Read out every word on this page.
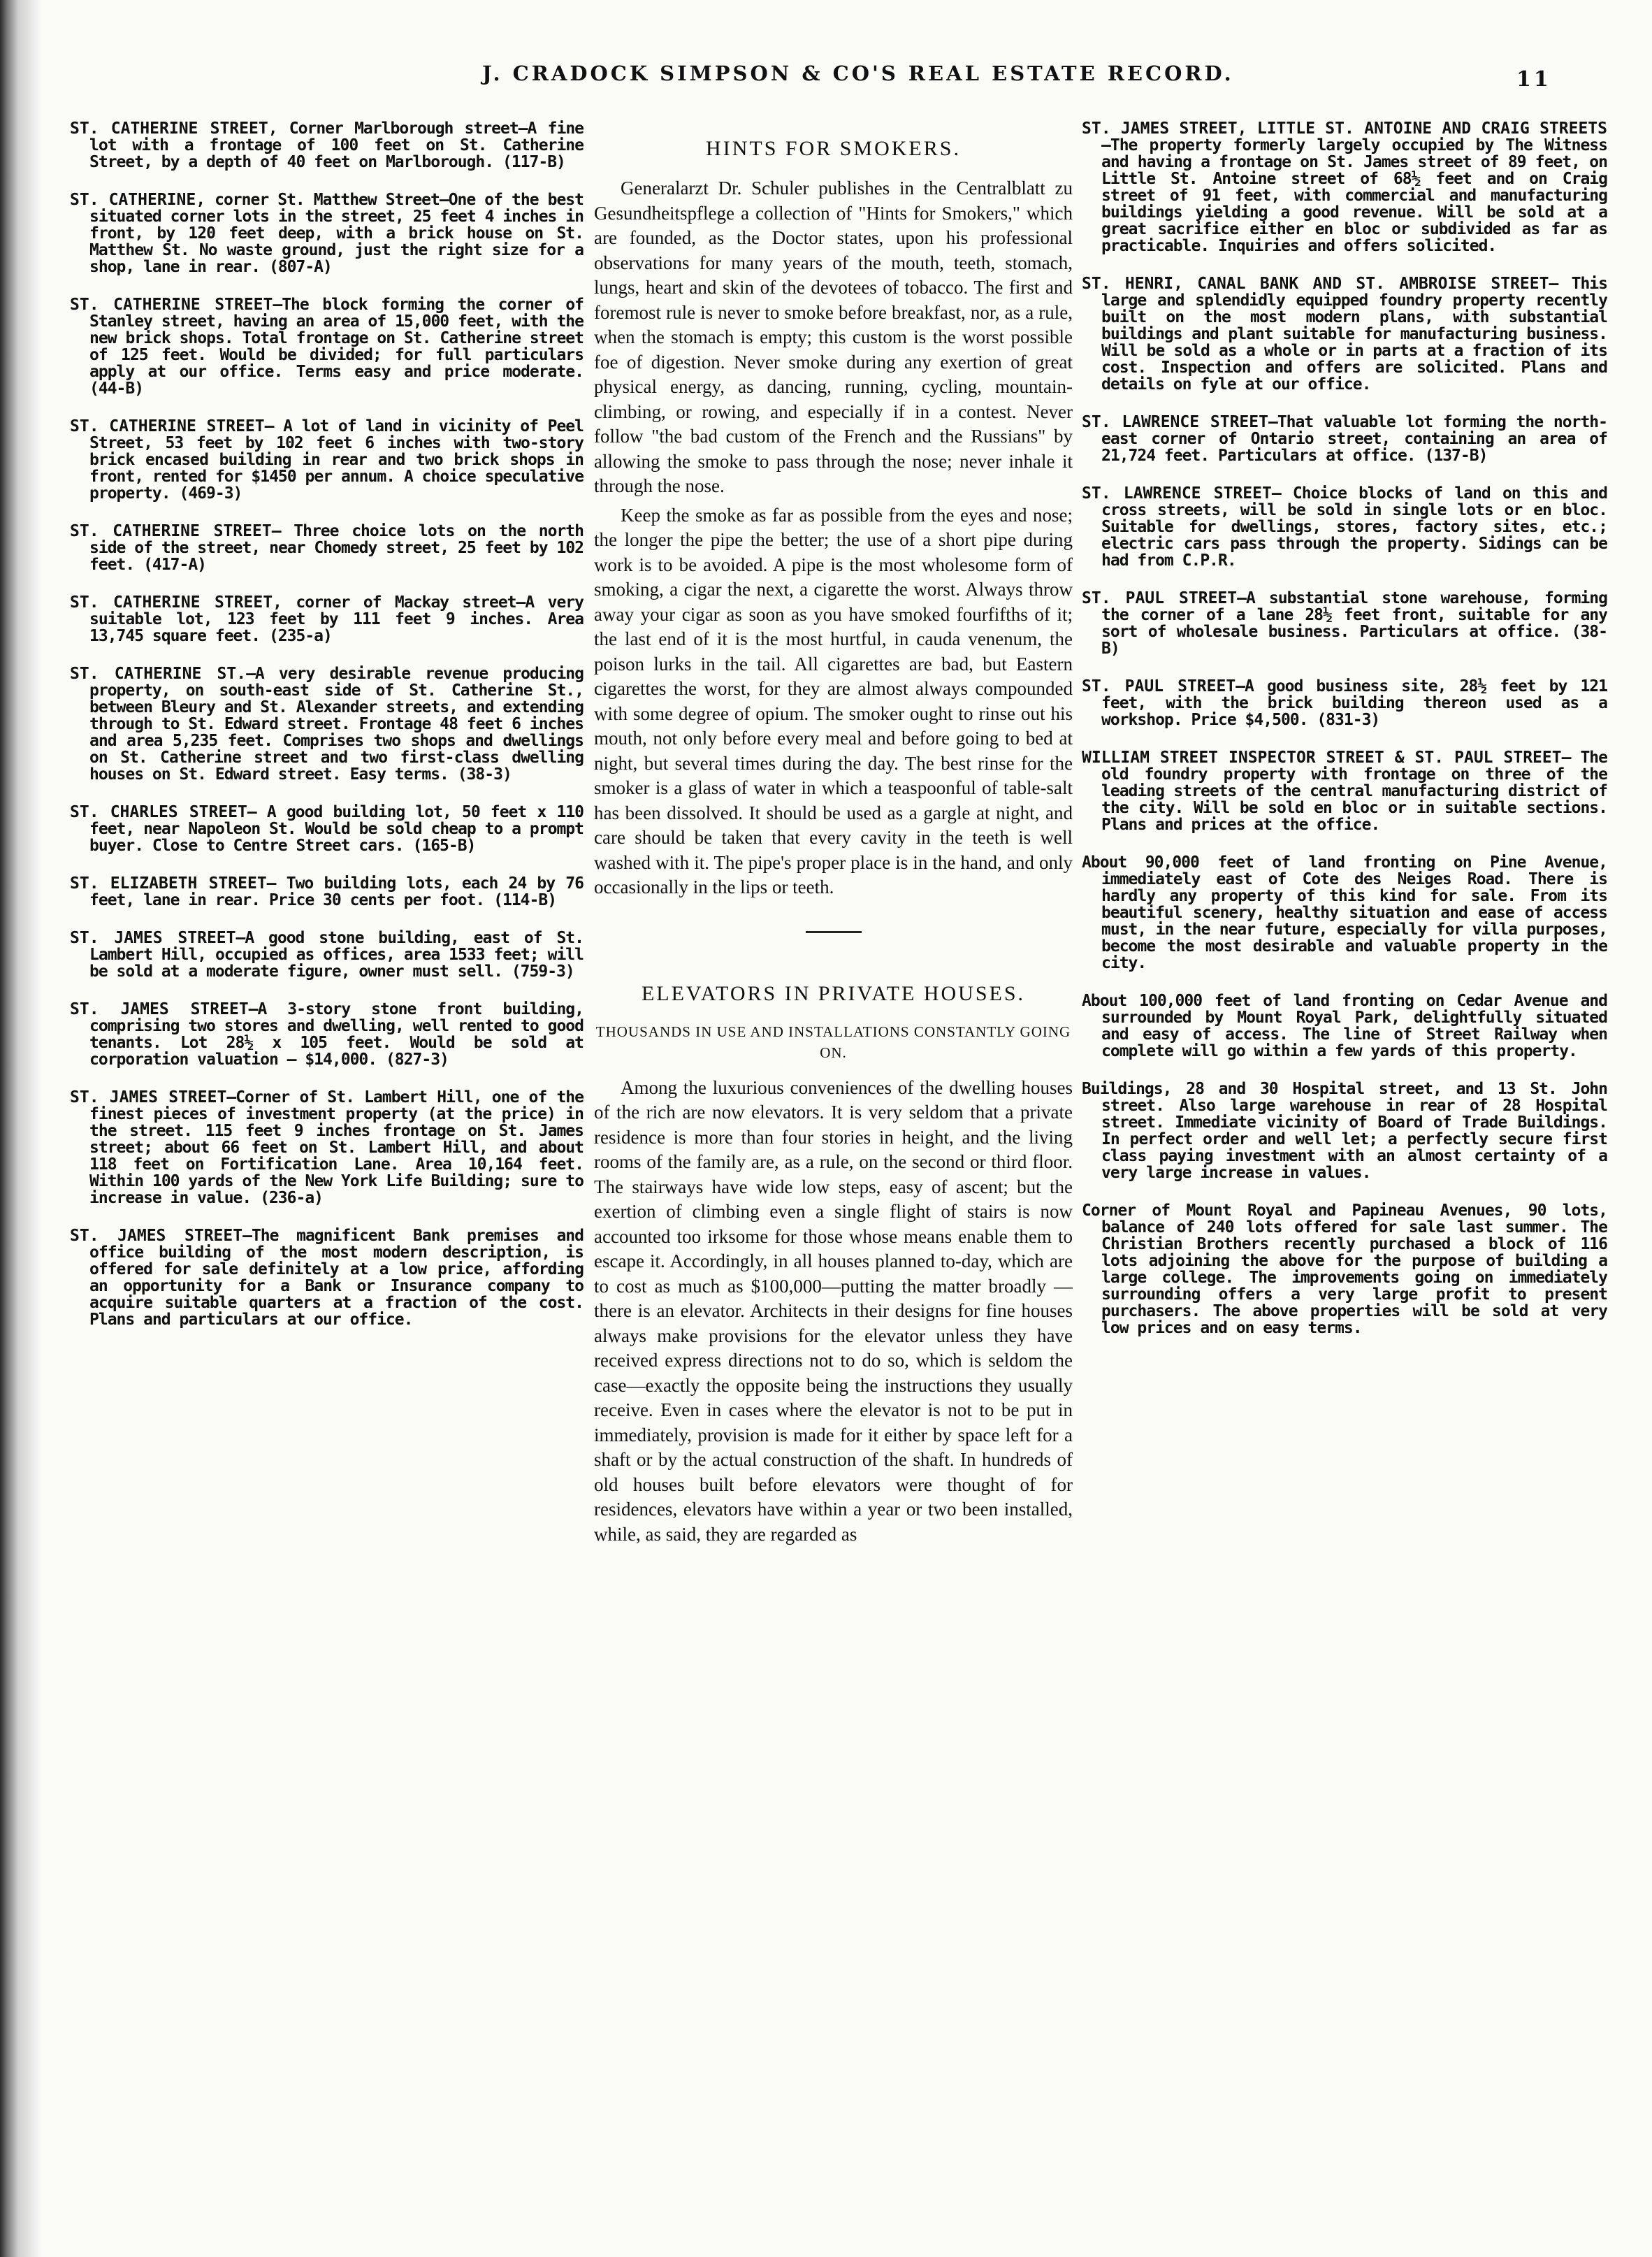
J. CRADOCK SIMPSON & CO'S REAL ESTATE RECORD.	11

ST. CATHERINE STREET, Corner Marlborough street—A fine lot with a frontage of 100 feet on St. Catherine Street, by a depth of 40 feet on Marlborough. (117-B)

ST. CATHERINE, corner St. Matthew Street—One of the best situated corner lots in the street, 25 feet 4 inches in front, by 120 feet deep, with a brick house on St. Matthew St. No waste ground, just the right size for a shop, lane in rear. (807-A)

ST. CATHERINE STREET—The block forming the corner of Stanley street, having an area of 15,000 feet, with the new brick shops. Total frontage on St. Catherine street of 125 feet. Would be divided; for full particulars apply at our office. Terms easy and price moderate. (44-B)

ST. CATHERINE STREET— A lot of land in vicinity of Peel Street, 53 feet by 102 feet 6 inches with two-story brick encased building in rear and two brick shops in front, rented for $1450 per annum. A choice speculative property. (469-3)

ST. CATHERINE STREET— Three choice lots on the north side of the street, near Chomedy street, 25 feet by 102 feet. (417-A)

ST. CATHERINE STREET, corner of Mackay street—A very suitable lot, 123 feet by 111 feet 9 inches. Area 13,745 square feet. (235-a)

ST. CATHERINE ST.—A very desirable revenue producing property, on south-east side of St. Catherine St., between Bleury and St. Alexander streets, and extending through to St. Edward street. Frontage 48 feet 6 inches and area 5,235 feet. Comprises two shops and dwellings on St. Catherine street and two first-class dwelling houses on St. Edward street. Easy terms. (38-3)

ST. CHARLES STREET— A good building lot, 50 feet x 110 feet, near Napoleon St. Would be sold cheap to a prompt buyer. Close to Centre Street cars. (165-B)

ST. ELIZABETH STREET— Two building lots, each 24 by 76 feet, lane in rear. Price 30 cents per foot. (114-B)

ST. JAMES STREET—A good stone building, east of St. Lambert Hill, occupied as offices, area 1533 feet; will be sold at a moderate figure, owner must sell. (759-3)

ST. JAMES STREET—A 3-story stone front building, comprising two stores and dwelling, well rented to good tenants. Lot 28½ x 105 feet. Would be sold at corporation valuation — $14,000. (827-3)

ST. JAMES STREET—Corner of St. Lambert Hill, one of the finest pieces of investment property (at the price) in the street. 115 feet 9 inches frontage on St. James street; about 66 feet on St. Lambert Hill, and about 118 feet on Fortification Lane. Area 10,164 feet. Within 100 yards of the New York Life Building; sure to increase in value. (236-a)

ST. JAMES STREET—The magnificent Bank premises and office building of the most modern description, is offered for sale definitely at a low price, affording an opportunity for a Bank or Insurance company to acquire suitable quarters at a fraction of the cost. Plans and particulars at our office.

HINTS FOR SMOKERS.

Generalarzt Dr. Schuler publishes in the Centralblatt zu Gesundheitspflege a collection of "Hints for Smokers," which are founded, as the Doctor states, upon his professional observations for many years of the mouth, teeth, stomach, lungs, heart and skin of the devotees of tobacco. The first and foremost rule is never to smoke before breakfast, nor, as a rule, when the stomach is empty; this custom is the worst possible foe of digestion. Never smoke during any exertion of great physical energy, as dancing, running, cycling, mountain-climbing, or rowing, and especially if in a contest. Never follow "the bad custom of the French and the Russians" by allowing the smoke to pass through the nose; never inhale it through the nose.

Keep the smoke as far as possible from the eyes and nose; the longer the pipe the better; the use of a short pipe during work is to be avoided. A pipe is the most wholesome form of smoking, a cigar the next, a cigarette the worst. Always throw away your cigar as soon as you have smoked fourfifths of it; the last end of it is the most hurtful, in cauda venenum, the poison lurks in the tail. All cigarettes are bad, but Eastern cigarettes the worst, for they are almost always compounded with some degree of opium. The smoker ought to rinse out his mouth, not only before every meal and before going to bed at night, but several times during the day. The best rinse for the smoker is a glass of water in which a teaspoonful of table-salt has been dissolved. It should be used as a gargle at night, and care should be taken that every cavity in the teeth is well washed with it. The pipe's proper place is in the hand, and only occasionally in the lips or teeth.

ELEVATORS IN PRIVATE HOUSES.
THOUSANDS IN USE AND INSTALLATIONS CONSTANTLY GOING ON.

Among the luxurious conveniences of the dwelling houses of the rich are now elevators. It is very seldom that a private residence is more than four stories in height, and the living rooms of the family are, as a rule, on the second or third floor. The stairways have wide low steps, easy of ascent; but the exertion of climbing even a single flight of stairs is now accounted too irksome for those whose means enable them to escape it. Accordingly, in all houses planned to-day, which are to cost as much as $100,000—putting the matter broadly —there is an elevator. Architects in their designs for fine houses always make provisions for the elevator unless they have received express directions not to do so, which is seldom the case—exactly the opposite being the instructions they usually receive. Even in cases where the elevator is not to be put in immediately, provision is made for it either by space left for a shaft or by the actual construction of the shaft. In hundreds of old houses built before elevators were thought of for residences, elevators have within a year or two been installed, while, as said, they are regarded as

ST. JAMES STREET, LITTLE ST. ANTOINE AND CRAIG STREETS—The property formerly largely occupied by The Witness and having a frontage on St. James street of 89 feet, on Little St. Antoine street of 68½ feet and on Craig street of 91 feet, with commercial and manufacturing buildings yielding a good revenue. Will be sold at a great sacrifice either en bloc or subdivided as far as practicable. Inquiries and offers solicited.

ST. HENRI, CANAL BANK AND ST. AMBROISE STREET— This large and splendidly equipped foundry property recently built on the most modern plans, with substantial buildings and plant suitable for manufacturing business. Will be sold as a whole or in parts at a fraction of its cost. Inspection and offers are solicited. Plans and details on fyle at our office.

ST. LAWRENCE STREET—That valuable lot forming the north-east corner of Ontario street, containing an area of 21,724 feet. Particulars at office. (137-B)

ST. LAWRENCE STREET— Choice blocks of land on this and cross streets, will be sold in single lots or en bloc. Suitable for dwellings, stores, factory sites, etc.; electric cars pass through the property. Sidings can be had from C.P.R.

ST. PAUL STREET—A substantial stone warehouse, forming the corner of a lane 28½ feet front, suitable for any sort of wholesale business. Particulars at office. (38-B)

ST. PAUL STREET—A good business site, 28½ feet by 121 feet, with the brick building thereon used as a workshop. Price $4,500. (831-3)

WILLIAM STREET INSPECTOR STREET & ST. PAUL STREET— The old foundry property with frontage on three of the leading streets of the central manufacturing district of the city. Will be sold en bloc or in suitable sections. Plans and prices at the office.

About 90,000 feet of land fronting on Pine Avenue, immediately east of Cote des Neiges Road. There is hardly any property of this kind for sale. From its beautiful scenery, healthy situation and ease of access must, in the near future, especially for villa purposes, become the most desirable and valuable property in the city.

About 100,000 feet of land fronting on Cedar Avenue and surrounded by Mount Royal Park, delightfully situated and easy of access. The line of Street Railway when complete will go within a few yards of this property.

Buildings, 28 and 30 Hospital street, and 13 St. John street. Also large warehouse in rear of 28 Hospital street. Immediate vicinity of Board of Trade Buildings. In perfect order and well let; a perfectly secure first class paying investment with an almost certainty of a very large increase in values.

Corner of Mount Royal and Papineau Avenues, 90 lots, balance of 240 lots offered for sale last summer. The Christian Brothers recently purchased a block of 116 lots adjoining the above for the purpose of building a large college. The improvements going on immediately surrounding offers a very large profit to present purchasers. The above properties will be sold at very low prices and on easy terms.
